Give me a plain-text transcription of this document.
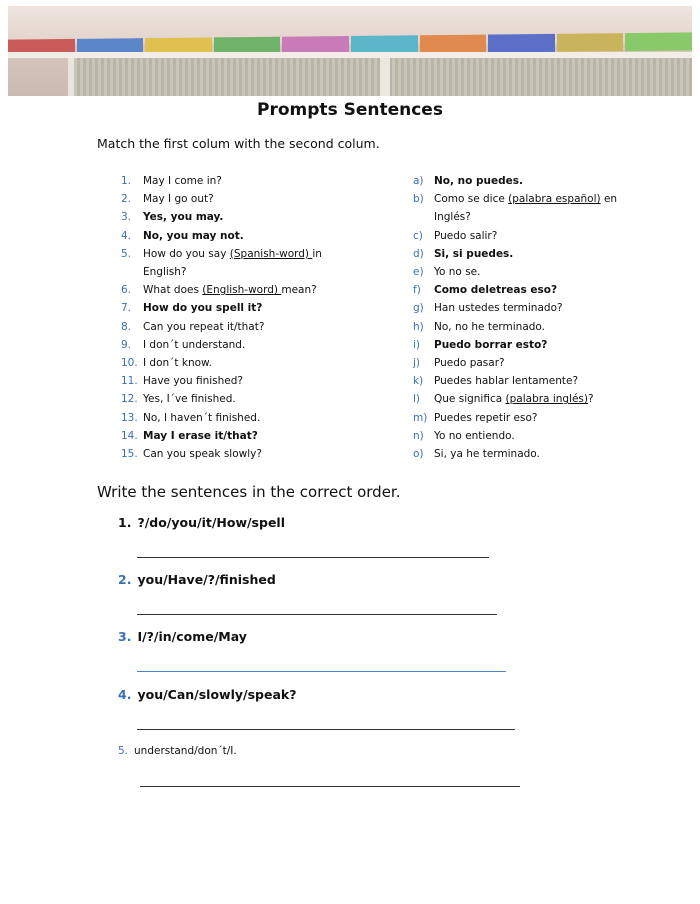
Prompts Sentences
Match the first colum with the second colum.
1.	May I come in?
2.	May I go out?
3.	Yes, you may.
4.	No, you may not.
5.	How do you say (Spanish-word) in
English?
6.	What does (English-word) mean?
7.	How do you spell it?
8.	Can you repeat it/that?
9.	I don´t understand.
10. I don´t know.
11. Have you finished?
12. Yes, I´ve finished.
13. No, I haven´t finished.
14. May I erase it/that?
15. Can you speak slowly?
a) No, no puedes.
b) Como se dice (palabra español) en
Inglés?
c)	Puedo salir?
d) Si, si puedes.
e) Yo no se.
f)	Como deletreas eso?
g) Han ustedes terminado?
h) No, no he terminado.
i)	Puedo borrar esto?
j)	Puedo pasar?
k)	Puedes hablar lentamente?
l)	Que significa (palabra inglés)?
m) Puedes repetir eso?
n) Yo no entiendo.
o) Si, ya he terminado.
Write the sentences in the correct order.
1. ?/do/you/it/How/spell
2. you/Have/?/finished
3. I/?/in/come/May
4. you/Can/slowly/speak?
5. understand/don´t/I.
